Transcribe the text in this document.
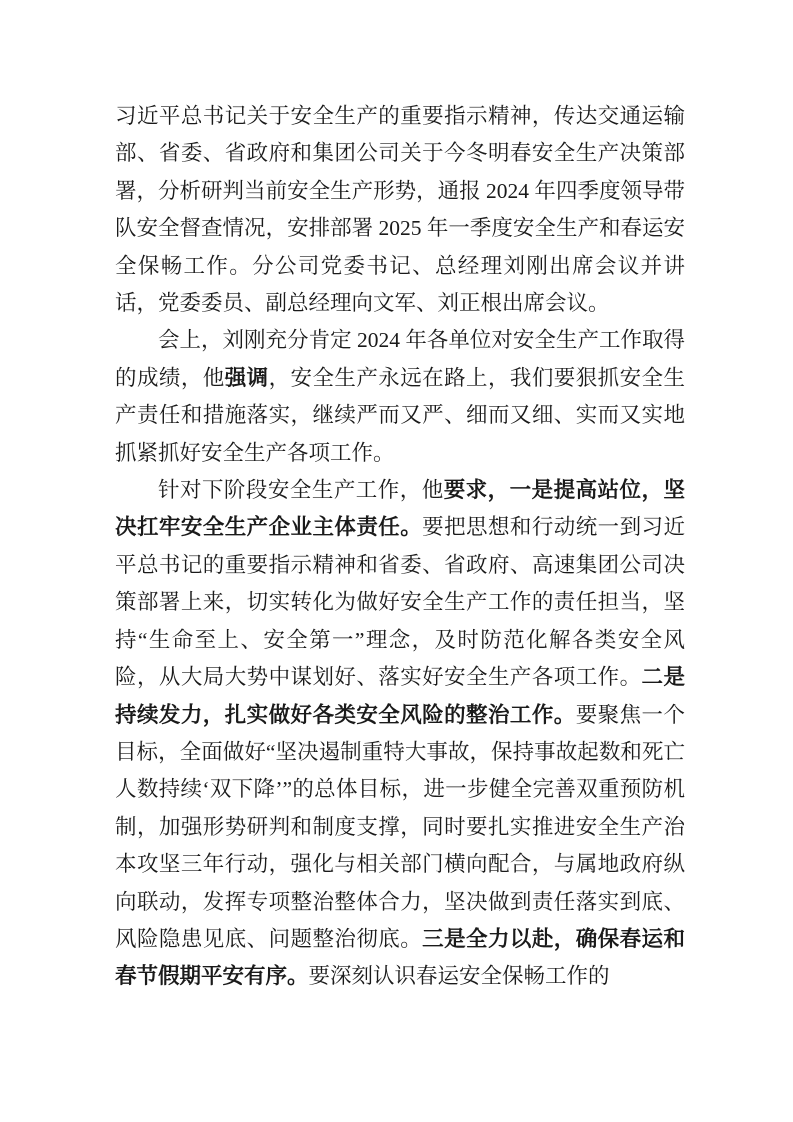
习近平总书记关于安全生产的重要指示精神，传达交通运输部、省委、省政府和集团公司关于今冬明春安全生产决策部署，分析研判当前安全生产形势，通报 2024 年四季度领导带队安全督查情况，安排部署 2025 年一季度安全生产和春运安全保畅工作。分公司党委书记、总经理刘刚出席会议并讲话，党委委员、副总经理向文军、刘正根出席会议。

会上，刘刚充分肯定 2024 年各单位对安全生产工作取得的成绩，他强调，安全生产永远在路上，我们要狠抓安全生产责任和措施落实，继续严而又严、细而又细、实而又实地抓紧抓好安全生产各项工作。

针对下阶段安全生产工作，他要求，一是提高站位，坚决扛牢安全生产企业主体责任。要把思想和行动统一到习近平总书记的重要指示精神和省委、省政府、高速集团公司决策部署上来，切实转化为做好安全生产工作的责任担当，坚持“生命至上、安全第一”理念，及时防范化解各类安全风险，从大局大势中谋划好、落实好安全生产各项工作。二是持续发力，扎实做好各类安全风险的整治工作。要聚焦一个目标，全面做好“坚决遏制重特大事故，保持事故起数和死亡人数持续‘双下降’”的总体目标，进一步健全完善双重预防机制，加强形势研判和制度支撑，同时要扎实推进安全生产治本攻坚三年行动，强化与相关部门横向配合，与属地政府纵向联动，发挥专项整治整体合力，坚决做到责任落实到底、风险隐患见底、问题整治彻底。三是全力以赴，确保春运和春节假期平安有序。要深刻认识春运安全保畅工作的
